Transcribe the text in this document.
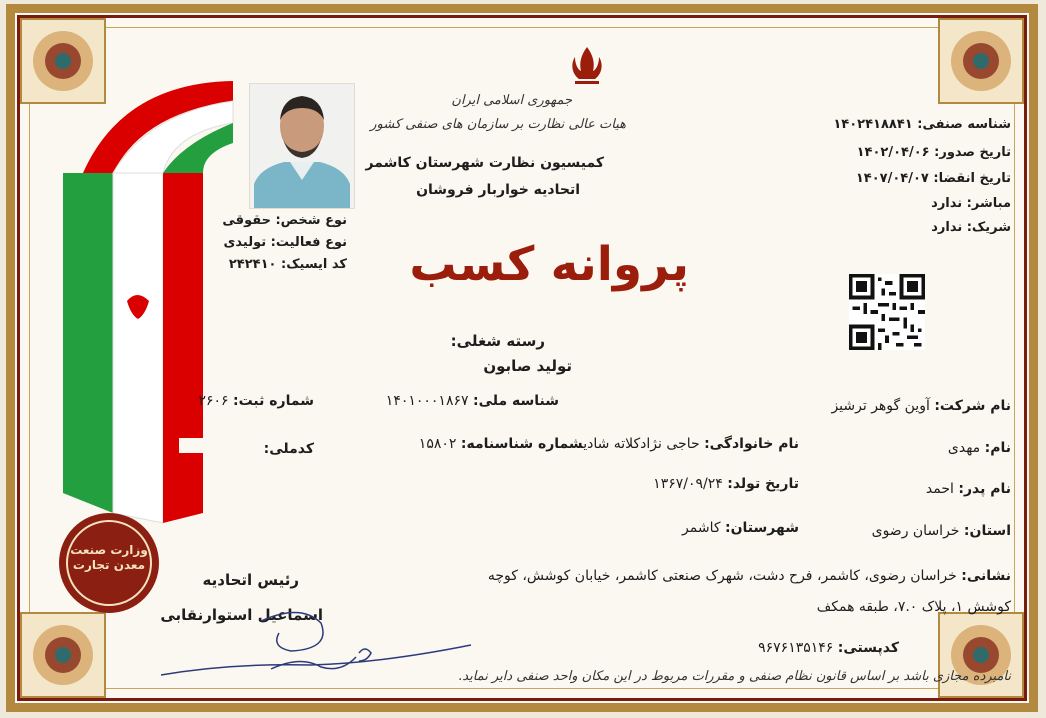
وزارت صنعت معدن تجارت
جمهوری اسلامی ایران
هیات عالی نظارت بر سازمان های صنفی کشور
کمیسیون نظارت شهرستان کاشمر
اتحادیه خواربار فروشان
پروانه کسب
شناسه صنفی: ۱۴۰۲۴۱۸۸۴۱
تاریخ صدور: ۱۴۰۲/۰۴/۰۶
تاریخ انقضا: ۱۴۰۷/۰۴/۰۷
مباشر: ندارد
شریک: ندارد
نوع شخص: حقوقی
نوع فعالیت: تولیدی
کد ایسیک: ۲۴۲۴۱۰
رسته شغلی:
تولید صابون
نام شرکت: آوین گوهر ترشیز
شناسه ملی: ۱۴۰۱۰۰۰۱۸۶۷
شماره ثبت: ۲۶۰۶
نام: مهدی
نام خانوادگی: حاجی نژادکلاته شادیشماره شناسنامه: ۱۵۸۰۲
کدملی:
نام پدر: احمد
تاریخ تولد: ۱۳۶۷/۰۹/۲۴
استان: خراسان رضوی
شهرستان: کاشمر
نشانی: خراسان رضوی، کاشمر، فرح دشت، شهرک صنعتی کاشمر، خیابان کوشش، کوچه
کوشش ۱، پلاک ۷.۰، طبقه همکف
کدپستی: ۹۶۷۶۱۳۵۱۴۶
رئیس اتحادیه
اسماعیل استوارنقابی
نامبرده مجازی باشد بر اساس قانون نظام صنفی و مقررات مربوط در این مکان واحد صنفی دایر نماید.
